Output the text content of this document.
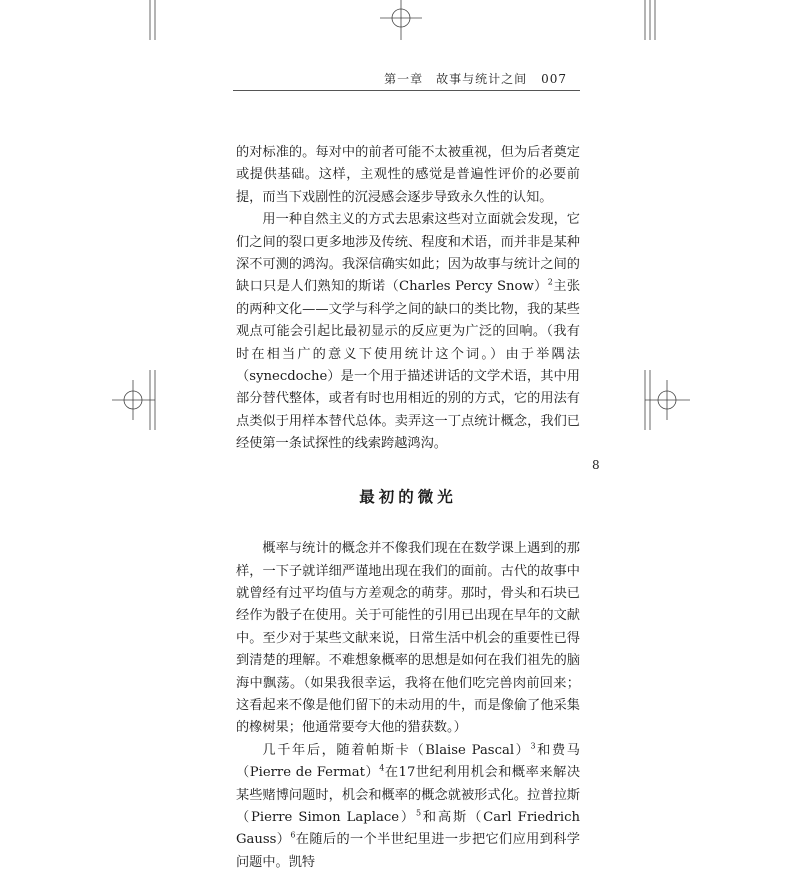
第一章　故事与统计之间 007
8

的对标准的。每对中的前者可能不太被重视，但为后者奠定或提供基础。这样，主观性的感觉是普遍性评价的必要前提，而当下戏剧性的沉浸感会逐步导致永久性的认知。

用一种自然主义的方式去思索这些对立面就会发现，它们之间的裂口更多地涉及传统、程度和术语，而并非是某种深不可测的鸿沟。我深信确实如此；因为故事与统计之间的缺口只是人们熟知的斯诺（Charles Percy Snow）$^2$主张的两种文化——文学与科学之间的缺口的类比物，我的某些观点可能会引起比最初显示的反应更为广泛的回响。（我有时在相当广的意义下使用统计这个词。）由于举隅法（synecdoche）是一个用于描述讲话的文学术语，其中用部分替代整体，或者有时也用相近的别的方式，它的用法有点类似于用样本替代总体。卖弄这一丁点统计概念，我们已经使第一条试探性的线索跨越鸿沟。

最初的微光

概率与统计的概念并不像我们现在在数学课上遇到的那样，一下子就详细严谨地出现在我们的面前。古代的故事中就曾经有过平均值与方差观念的萌芽。那时，骨头和石块已经作为骰子在使用。关于可能性的引用已出现在早年的文献中。至少对于某些文献来说，日常生活中机会的重要性已得到清楚的理解。不难想象概率的思想是如何在我们祖先的脑海中飘荡。（如果我很幸运，我将在他们吃完兽肉前回来；这看起来不像是他们留下的未动用的牛，而是像偷了他采集的橡树果；他通常要夸大他的猎获数。）

几千年后，随着帕斯卡（Blaise Pascal）$^3$和费马（Pierre de Fermat）$^4$在17世纪利用机会和概率来解决某些赌博问题时，机会和概率的概念就被形式化。拉普拉斯（Pierre Simon Laplace）$^5$和高斯（Carl Friedrich Gauss）$^6$在随后的一个半世纪里进一步把它们应用到科学问题中。凯特
